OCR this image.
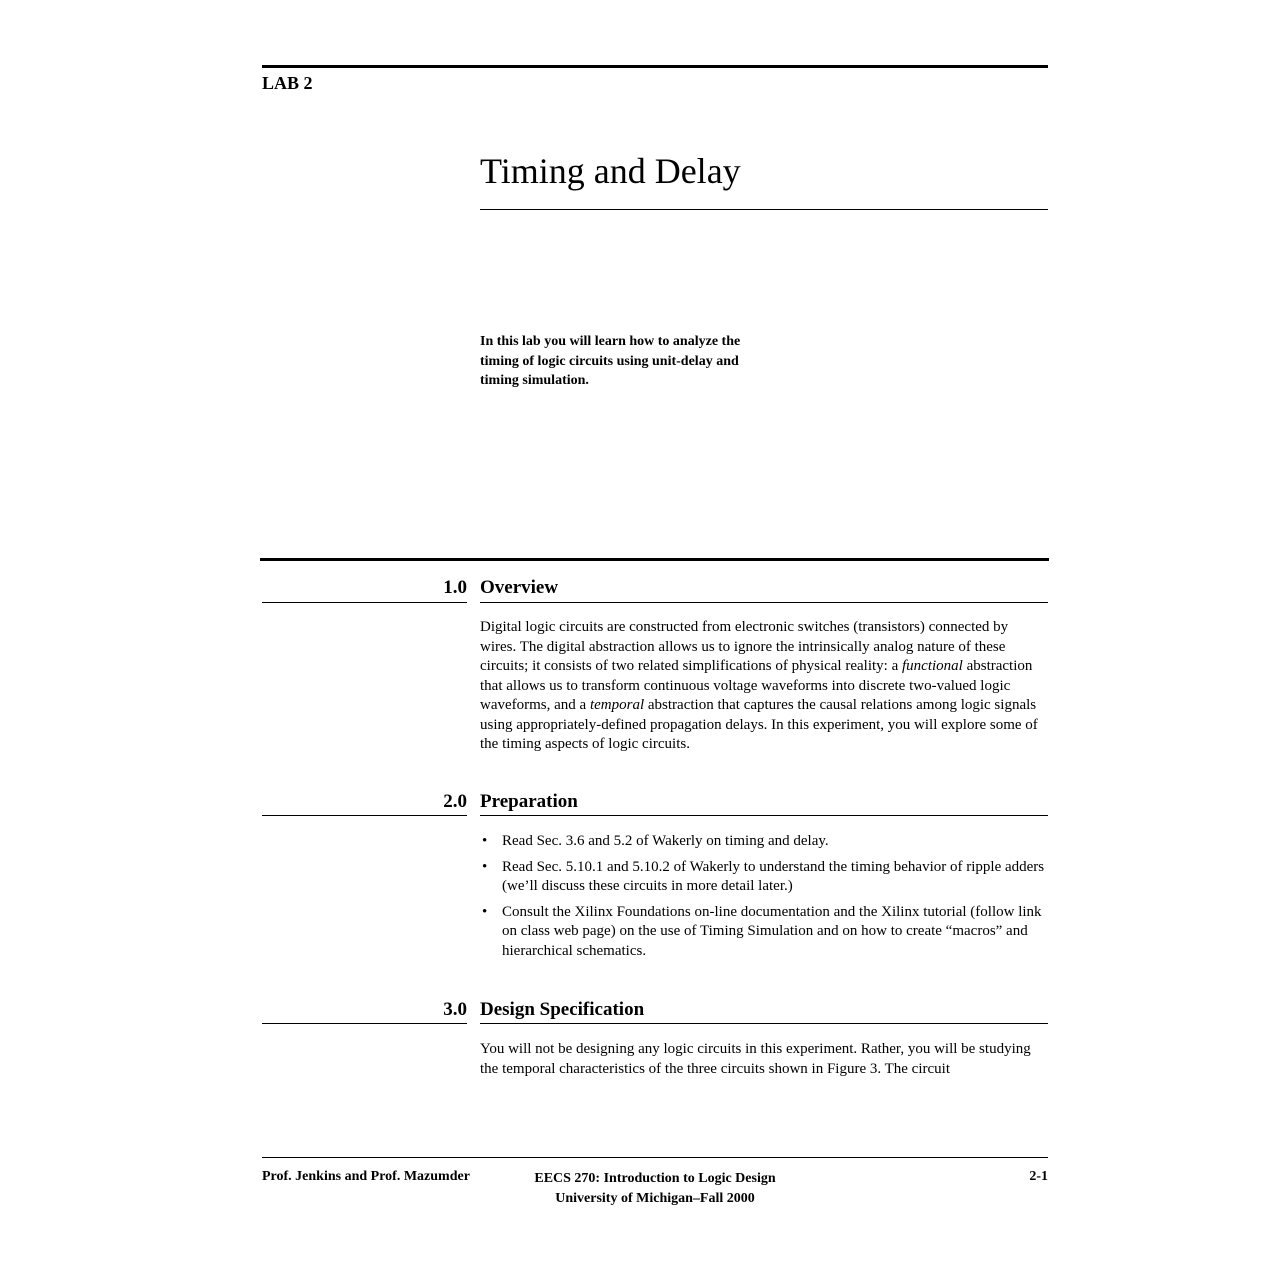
LAB 2
Timing and Delay
In this lab you will learn how to analyze the timing of logic circuits using unit-delay and timing simulation.
1.0 Overview
Digital logic circuits are constructed from electronic switches (transistors) connected by wires. The digital abstraction allows us to ignore the intrinsically analog nature of these circuits; it consists of two related simplifications of physical reality: a functional abstraction that allows us to transform continuous voltage waveforms into discrete two-valued logic waveforms, and a temporal abstraction that captures the causal relations among logic signals using appropriately-defined propagation delays. In this experiment, you will explore some of the timing aspects of logic circuits.
2.0 Preparation
• Read Sec. 3.6 and 5.2 of Wakerly on timing and delay.
• Read Sec. 5.10.1 and 5.10.2 of Wakerly to understand the timing behavior of ripple adders (we’ll discuss these circuits in more detail later.)
• Consult the Xilinx Foundations on-line documentation and the Xilinx tutorial (follow link on class web page) on the use of Timing Simulation and on how to create “macros” and hierarchical schematics.
3.0 Design Specification
You will not be designing any logic circuits in this experiment. Rather, you will be studying the temporal characteristics of the three circuits shown in Figure 3. The circuit
Prof. Jenkins and Prof. Mazumder	EECS 270: Introduction to Logic Design
University of Michigan–Fall 2000
2-1
